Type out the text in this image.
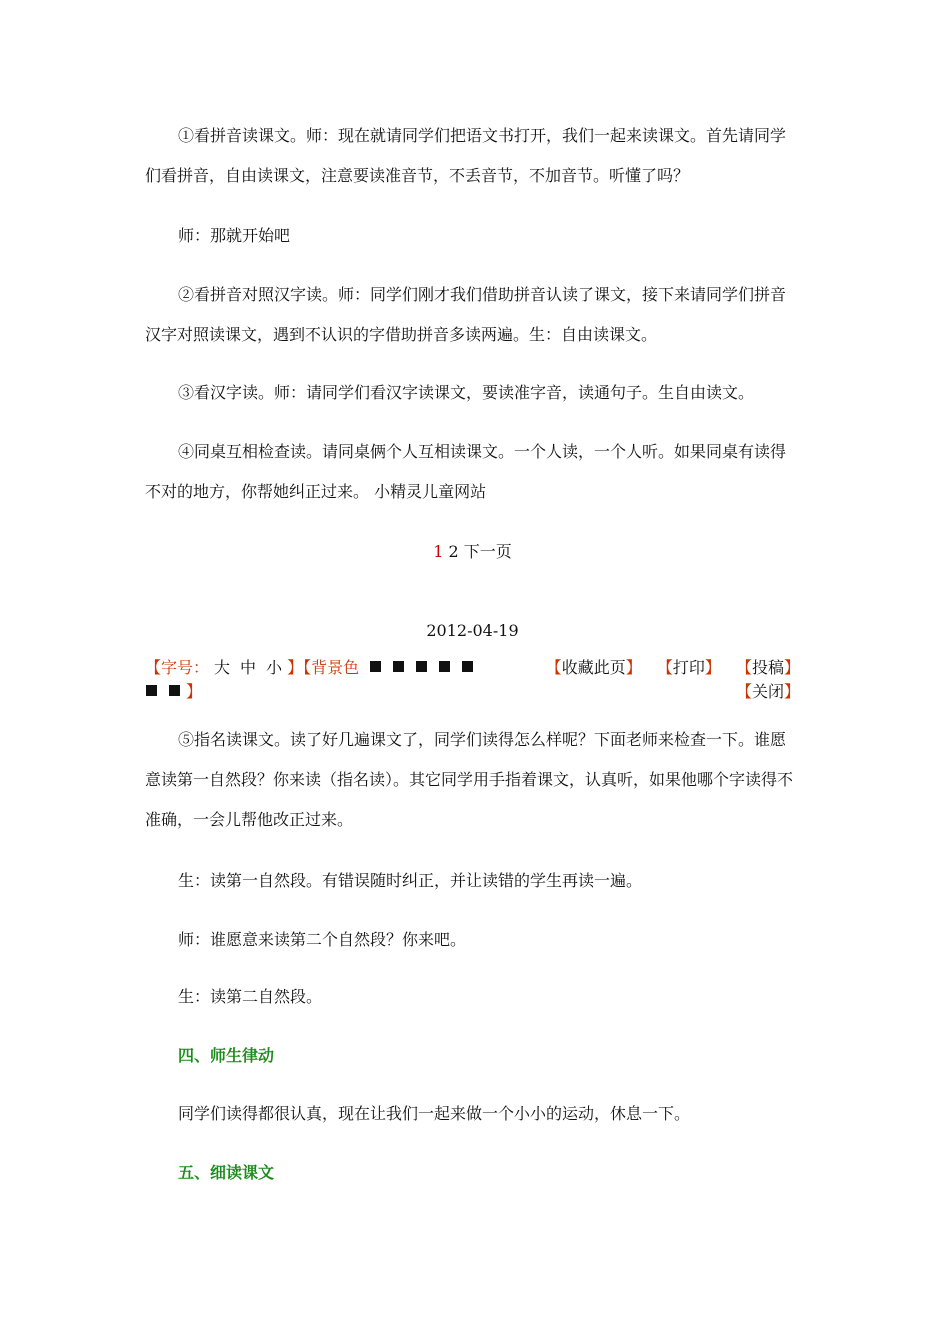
①看拼音读课文。师：现在就请同学们把语文书打开，我们一起来读课文。首先请同学们看拼音，自由读课文，注意要读准音节，不丢音节，不加音节。听懂了吗？

师：那就开始吧

②看拼音对照汉字读。师：同学们刚才我们借助拼音认读了课文，接下来请同学们拼音汉字对照读课文，遇到不认识的字借助拼音多读两遍。生：自由读课文。

③看汉字读。师：请同学们看汉字读课文，要读准字音，读通句子。生自由读文。

④同桌互相检查读。请同桌俩个人互相读课文。一个人读，一个人听。如果同桌有读得不对的地方，你帮她纠正过来。 小精灵儿童网站

1 2 下一页
2012-04-19
【字号： 大 中 小 】【背景色
】
【收藏此页】 【打印】 【投稿】
【关闭】

⑤指名读课文。读了好几遍课文了，同学们读得怎么样呢？下面老师来检查一下。谁愿意读第一自然段？你来读（指名读）。其它同学用手指着课文，认真听，如果他哪个字读得不准确，一会儿帮他改正过来。

生：读第一自然段。有错误随时纠正，并让读错的学生再读一遍。

师：谁愿意来读第二个自然段？你来吧。

生：读第二自然段。

四、师生律动

同学们读得都很认真，现在让我们一起来做一个小小的运动，休息一下。

五、细读课文
